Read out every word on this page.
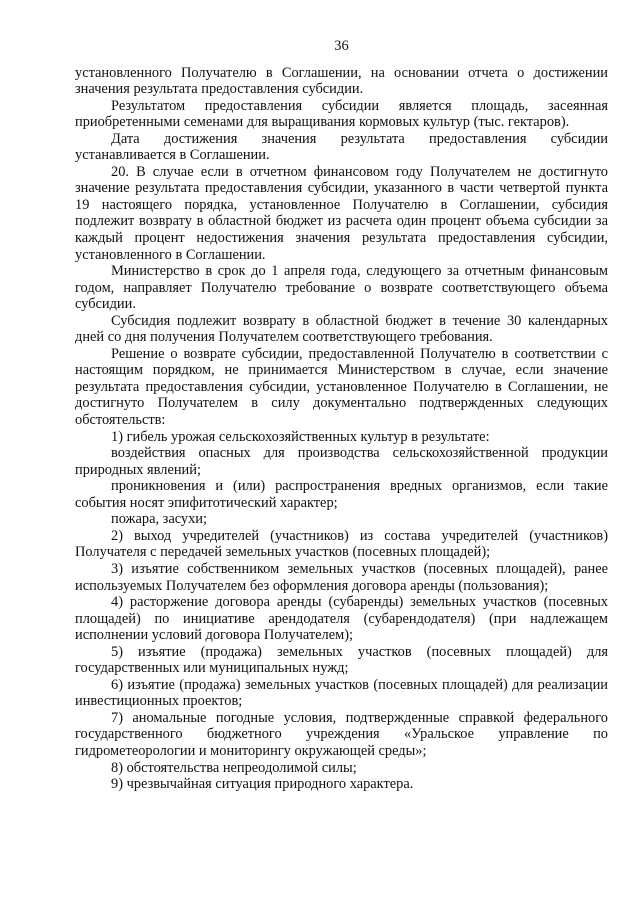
36

установленного Получателю в Соглашении, на основании отчета о достижении значения результата предоставления субсидии.

Результатом предоставления субсидии является площадь, засеянная приобретенными семенами для выращивания кормовых культур (тыс. гектаров).

Дата достижения значения результата предоставления субсидии устанавливается в Соглашении.

20. В случае если в отчетном финансовом году Получателем не достигнуто значение результата предоставления субсидии, указанного в части четвертой пункта 19 настоящего порядка, установленное Получателю в Соглашении, субсидия подлежит возврату в областной бюджет из расчета один процент объема субсидии за каждый процент недостижения значения результата предоставления субсидии, установленного в Соглашении.

Министерство в срок до 1 апреля года, следующего за отчетным финансовым годом, направляет Получателю требование о возврате соответствующего объема субсидии.

Субсидия подлежит возврату в областной бюджет в течение 30 календарных дней со дня получения Получателем соответствующего требования.

Решение о возврате субсидии, предоставленной Получателю в соответствии с настоящим порядком, не принимается Министерством в случае, если значение результата предоставления субсидии, установленное Получателю в Соглашении, не достигнуто Получателем в силу документально подтвержденных следующих обстоятельств:

1) гибель урожая сельскохозяйственных культур в результате:

воздействия опасных для производства сельскохозяйственной продукции природных явлений;

проникновения и (или) распространения вредных организмов, если такие события носят эпифитотический характер;

пожара, засухи;

2) выход учредителей (участников) из состава учредителей (участников) Получателя с передачей земельных участков (посевных площадей);

3) изъятие собственником земельных участков (посевных площадей), ранее используемых Получателем без оформления договора аренды (пользования);

4) расторжение договора аренды (субаренды) земельных участков (посевных площадей) по инициативе арендодателя (субарендодателя) (при надлежащем исполнении условий договора Получателем);

5) изъятие (продажа) земельных участков (посевных площадей) для государственных или муниципальных нужд;

6) изъятие (продажа) земельных участков (посевных площадей) для реализации инвестиционных проектов;

7) аномальные погодные условия, подтвержденные справкой федерального государственного бюджетного учреждения «Уральское управление по гидрометеорологии и мониторингу окружающей среды»;

8) обстоятельства непреодолимой силы;

9) чрезвычайная ситуация природного характера.
